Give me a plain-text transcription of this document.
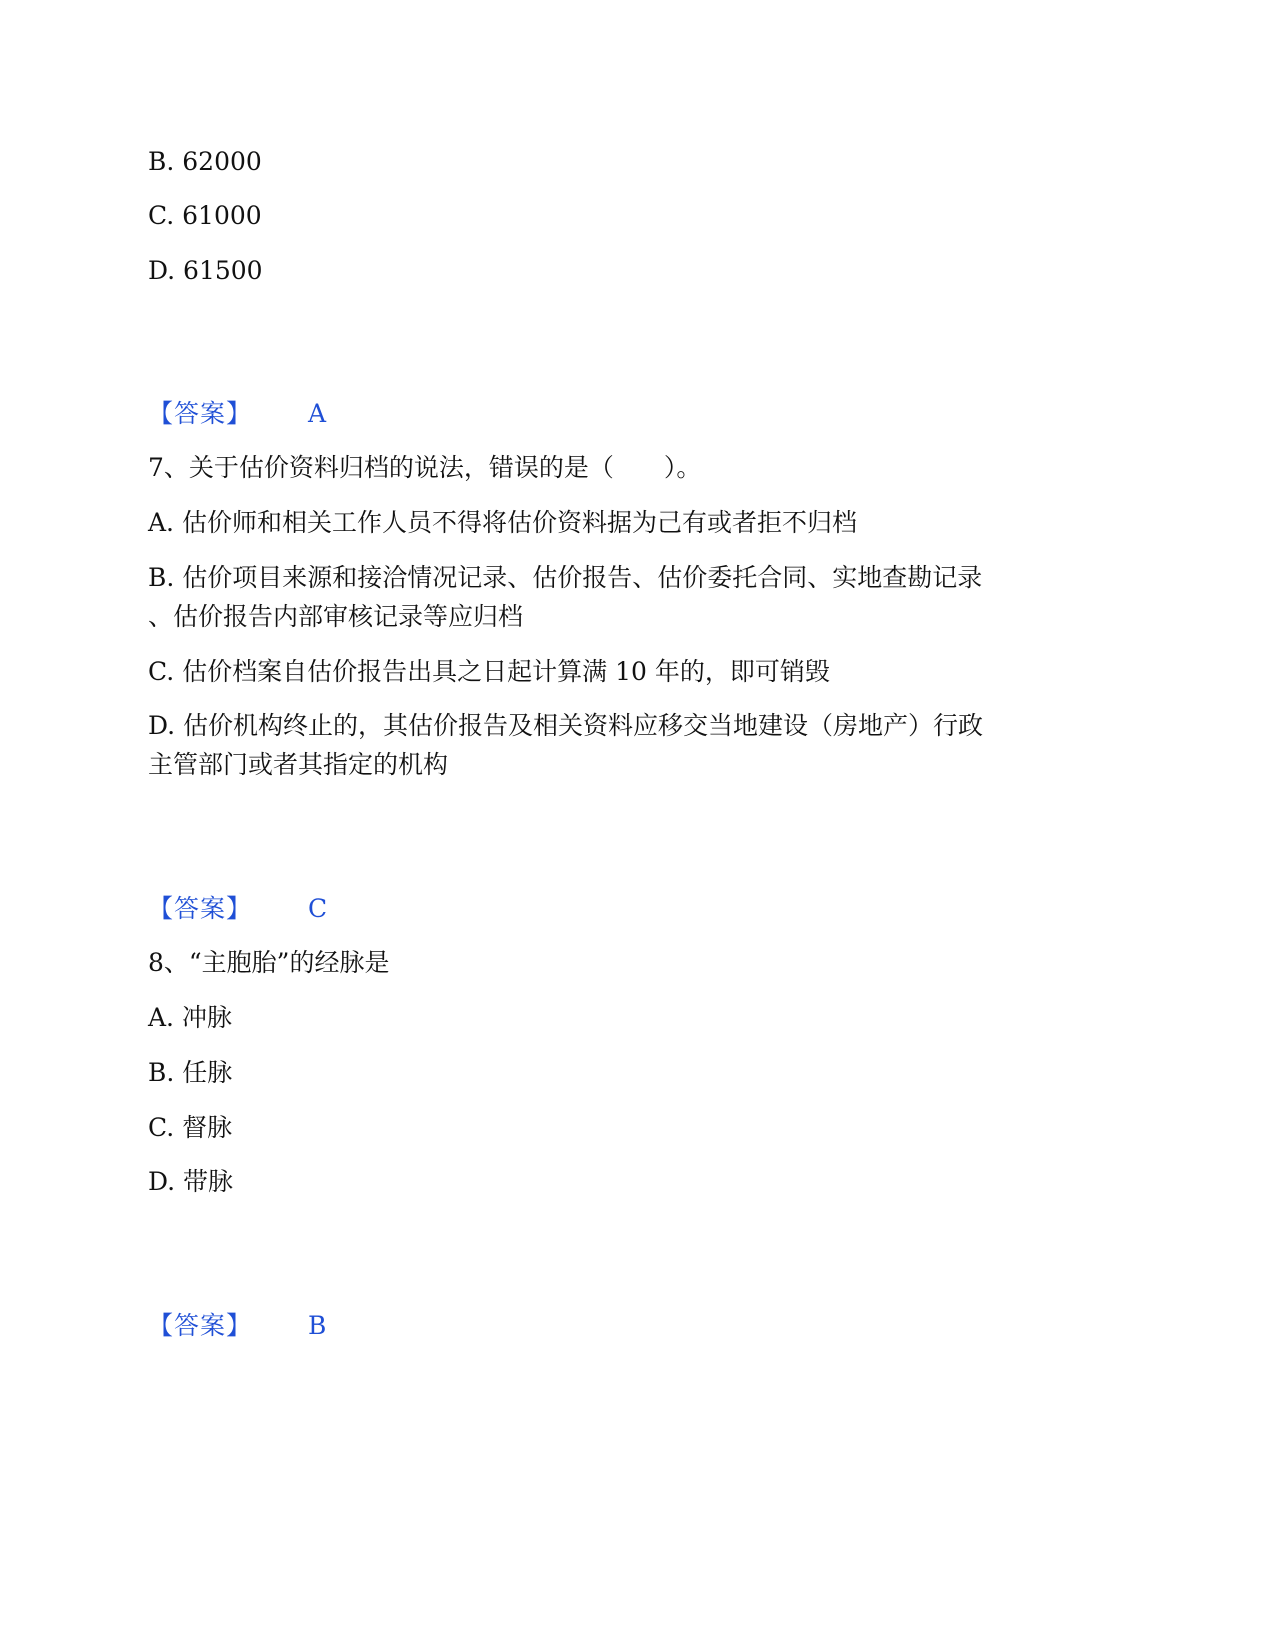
B. 62000
C. 61000
D. 61500
【答案】 A
7、关于估价资料归档的说法，错误的是（　　）。
A. 估价师和相关工作人员不得将估价资料据为己有或者拒不归档
B. 估价项目来源和接洽情况记录、估价报告、估价委托合同、实地查勘记录
、估价报告内部审核记录等应归档
C. 估价档案自估价报告出具之日起计算满 10 年的，即可销毁
D. 估价机构终止的，其估价报告及相关资料应移交当地建设（房地产）行政
主管部门或者其指定的机构
【答案】 C
8、“主胞胎”的经脉是
A. 冲脉
B. 任脉
C. 督脉
D. 带脉
【答案】 B
